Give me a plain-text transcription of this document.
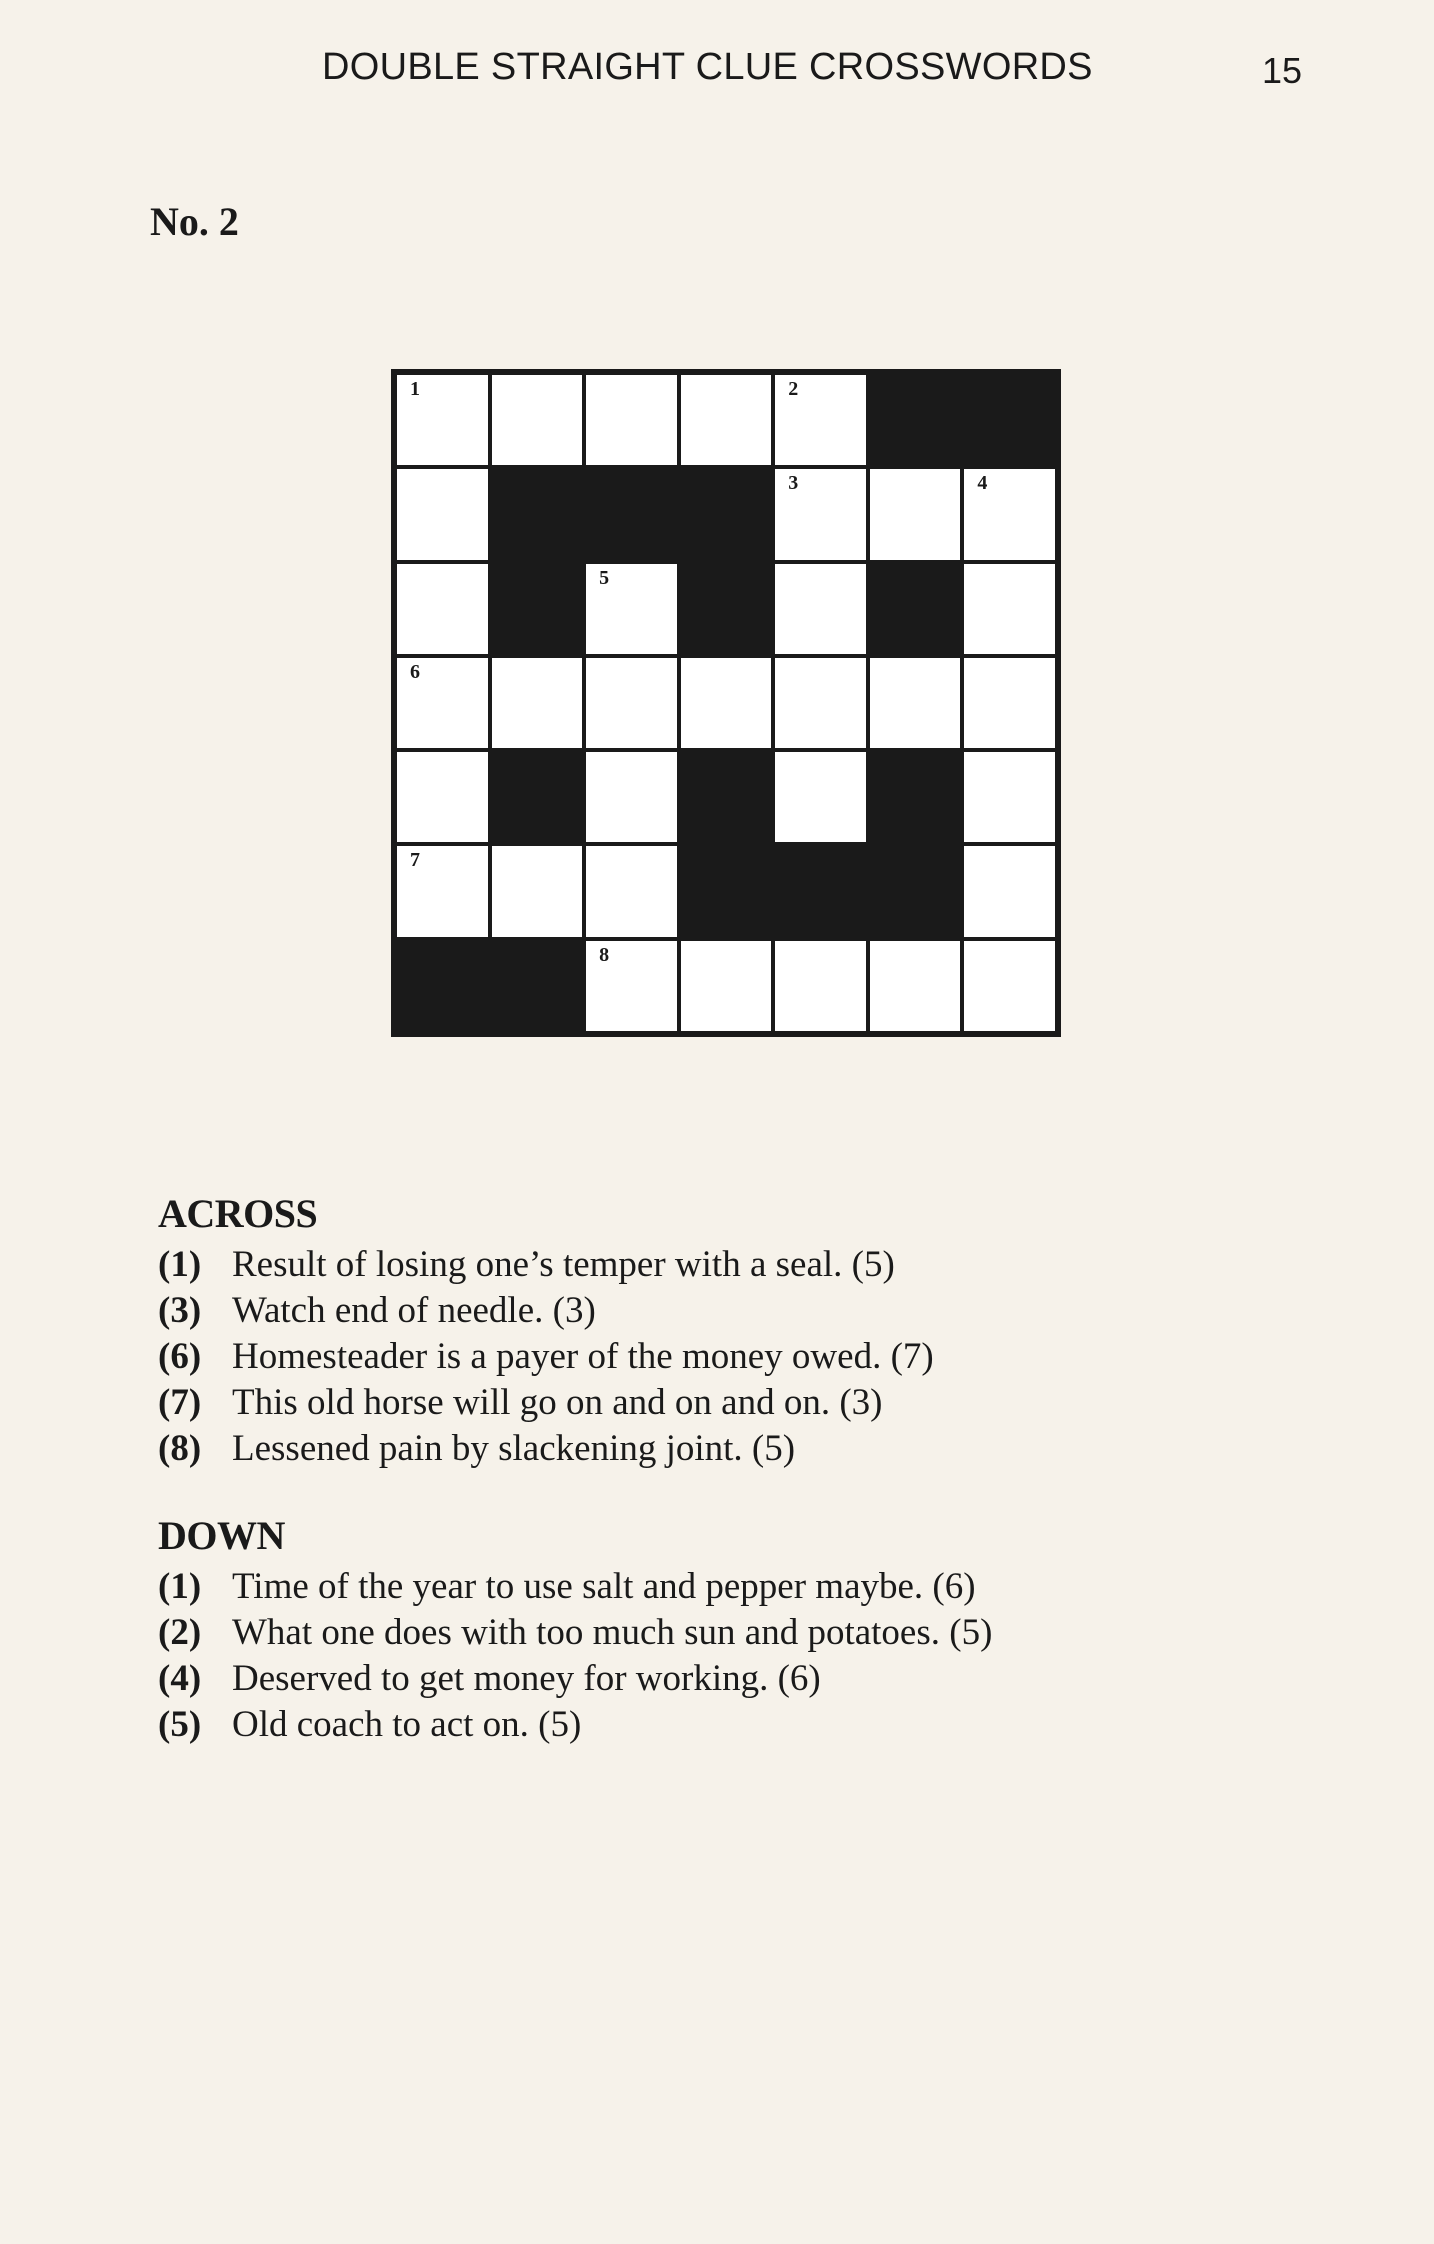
DOUBLE STRAIGHT CLUE CROSSWORDS	15
No. 2
1	2
3	4
5
6
7
8
ACROSS
(1) Result of losing one’s temper with a seal. (5)
(3) Watch end of needle. (3)
(6) Homesteader is a payer of the money owed. (7)
(7) This old horse will go on and on and on. (3)
(8) Lessened pain by slackening joint. (5)
DOWN
(1) Time of the year to use salt and pepper maybe. (6)
(2) What one does with too much sun and potatoes. (5)
(4) Deserved to get money for working. (6)
(5) Old coach to act on. (5)
